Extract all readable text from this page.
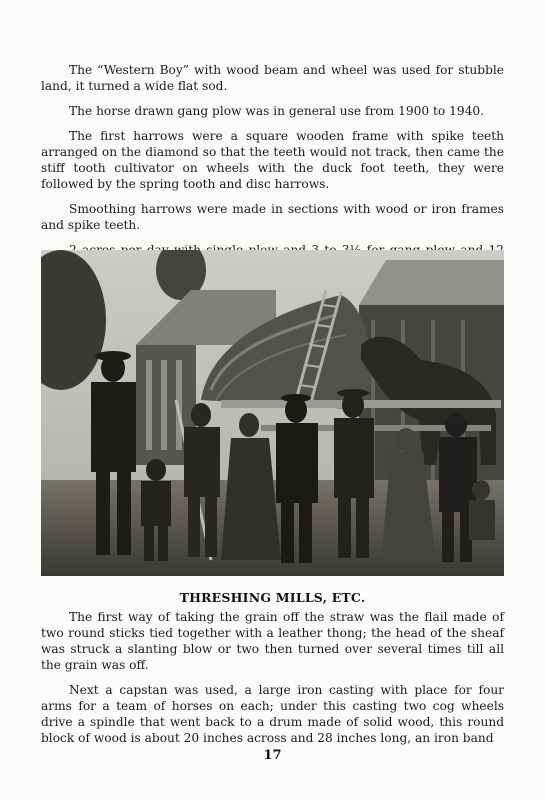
The “Western Boy” with wood beam and wheel was used for stubble land, it turned a wide flat sod.

The horse drawn gang plow was in general use from 1900 to 1940.

The first harrows were a square wooden frame with spike teeth arranged on the diamond so that the teeth would not track, then came the stiff tooth cultivator on wheels with the duck foot teeth, they were followed by the spring tooth and disc harrows.

Smoothing harrows were made in sections with wood or iron frames and spike teeth.

THRESHING MILLS, ETC.

The first way of taking the grain off the straw was the flail made of two round sticks tied together with a leather thong; the head of the sheaf was struck a slanting blow or two then turned over several times till all the grain was off.

Next a capstan was used, a large iron casting with place for four arms for a team of horses on each; under this casting two cog wheels drive a spindle that went back to a drum made of solid wood, this round block of wood is about 20 inches across and 28 inches long, an iron band

17
